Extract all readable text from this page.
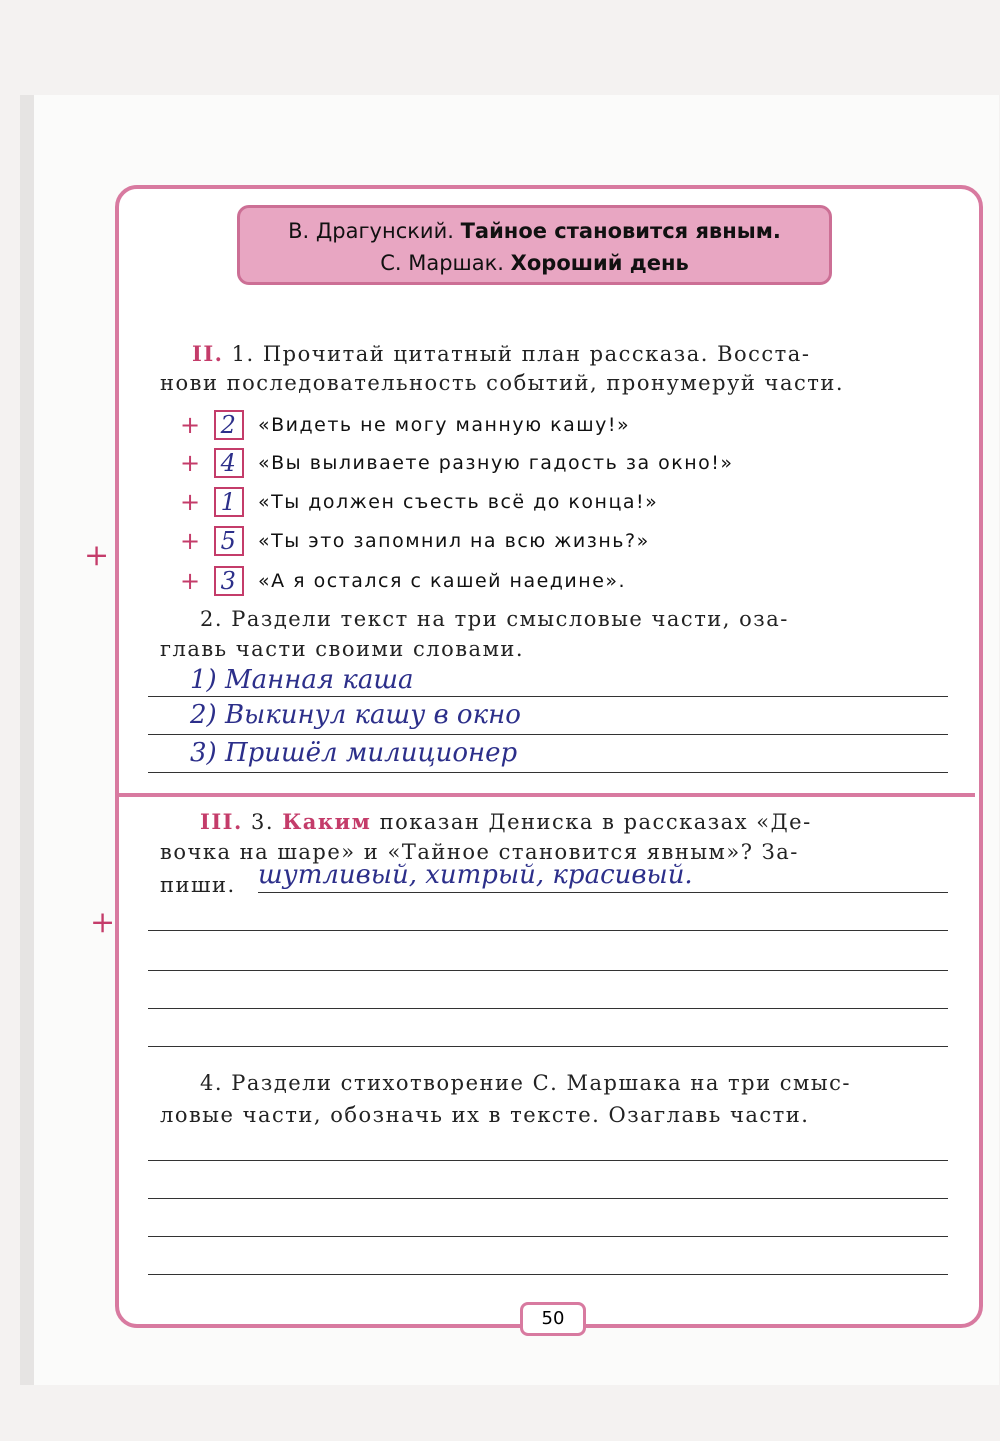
В. Драгунский. Тайное становится явным.
С. Маршак. Хороший день
II. 1. Прочитай цитатный план рассказа. Восста-
нови последовательность событий, пронумеруй части.
+ 2	«Видеть не могу манную кашу!»
+ 4	«Вы выливаете разную гадость за окно!»
+ 1	«Ты должен съесть всё до конца!»
+ 5	«Ты это запомнил на всю жизнь?»
+ 3	«А я остался с кашей наедине».
2. Раздели текст на три смысловые части, оза-
главь части своими словами.
1) Манная каша
2) Выкинул кашу в окно
3) Пришёл милиционер
III. 3. Каким показан Дениска в рассказах «Де-
вочка на шаре» и «Тайное становится явным»? За-
пиши. шутливый, хитрый, красивый.
4. Раздели стихотворение С. Маршака на три смыс-
ловые части, обозначь их в тексте. Озаглавь части.
+
+
50
